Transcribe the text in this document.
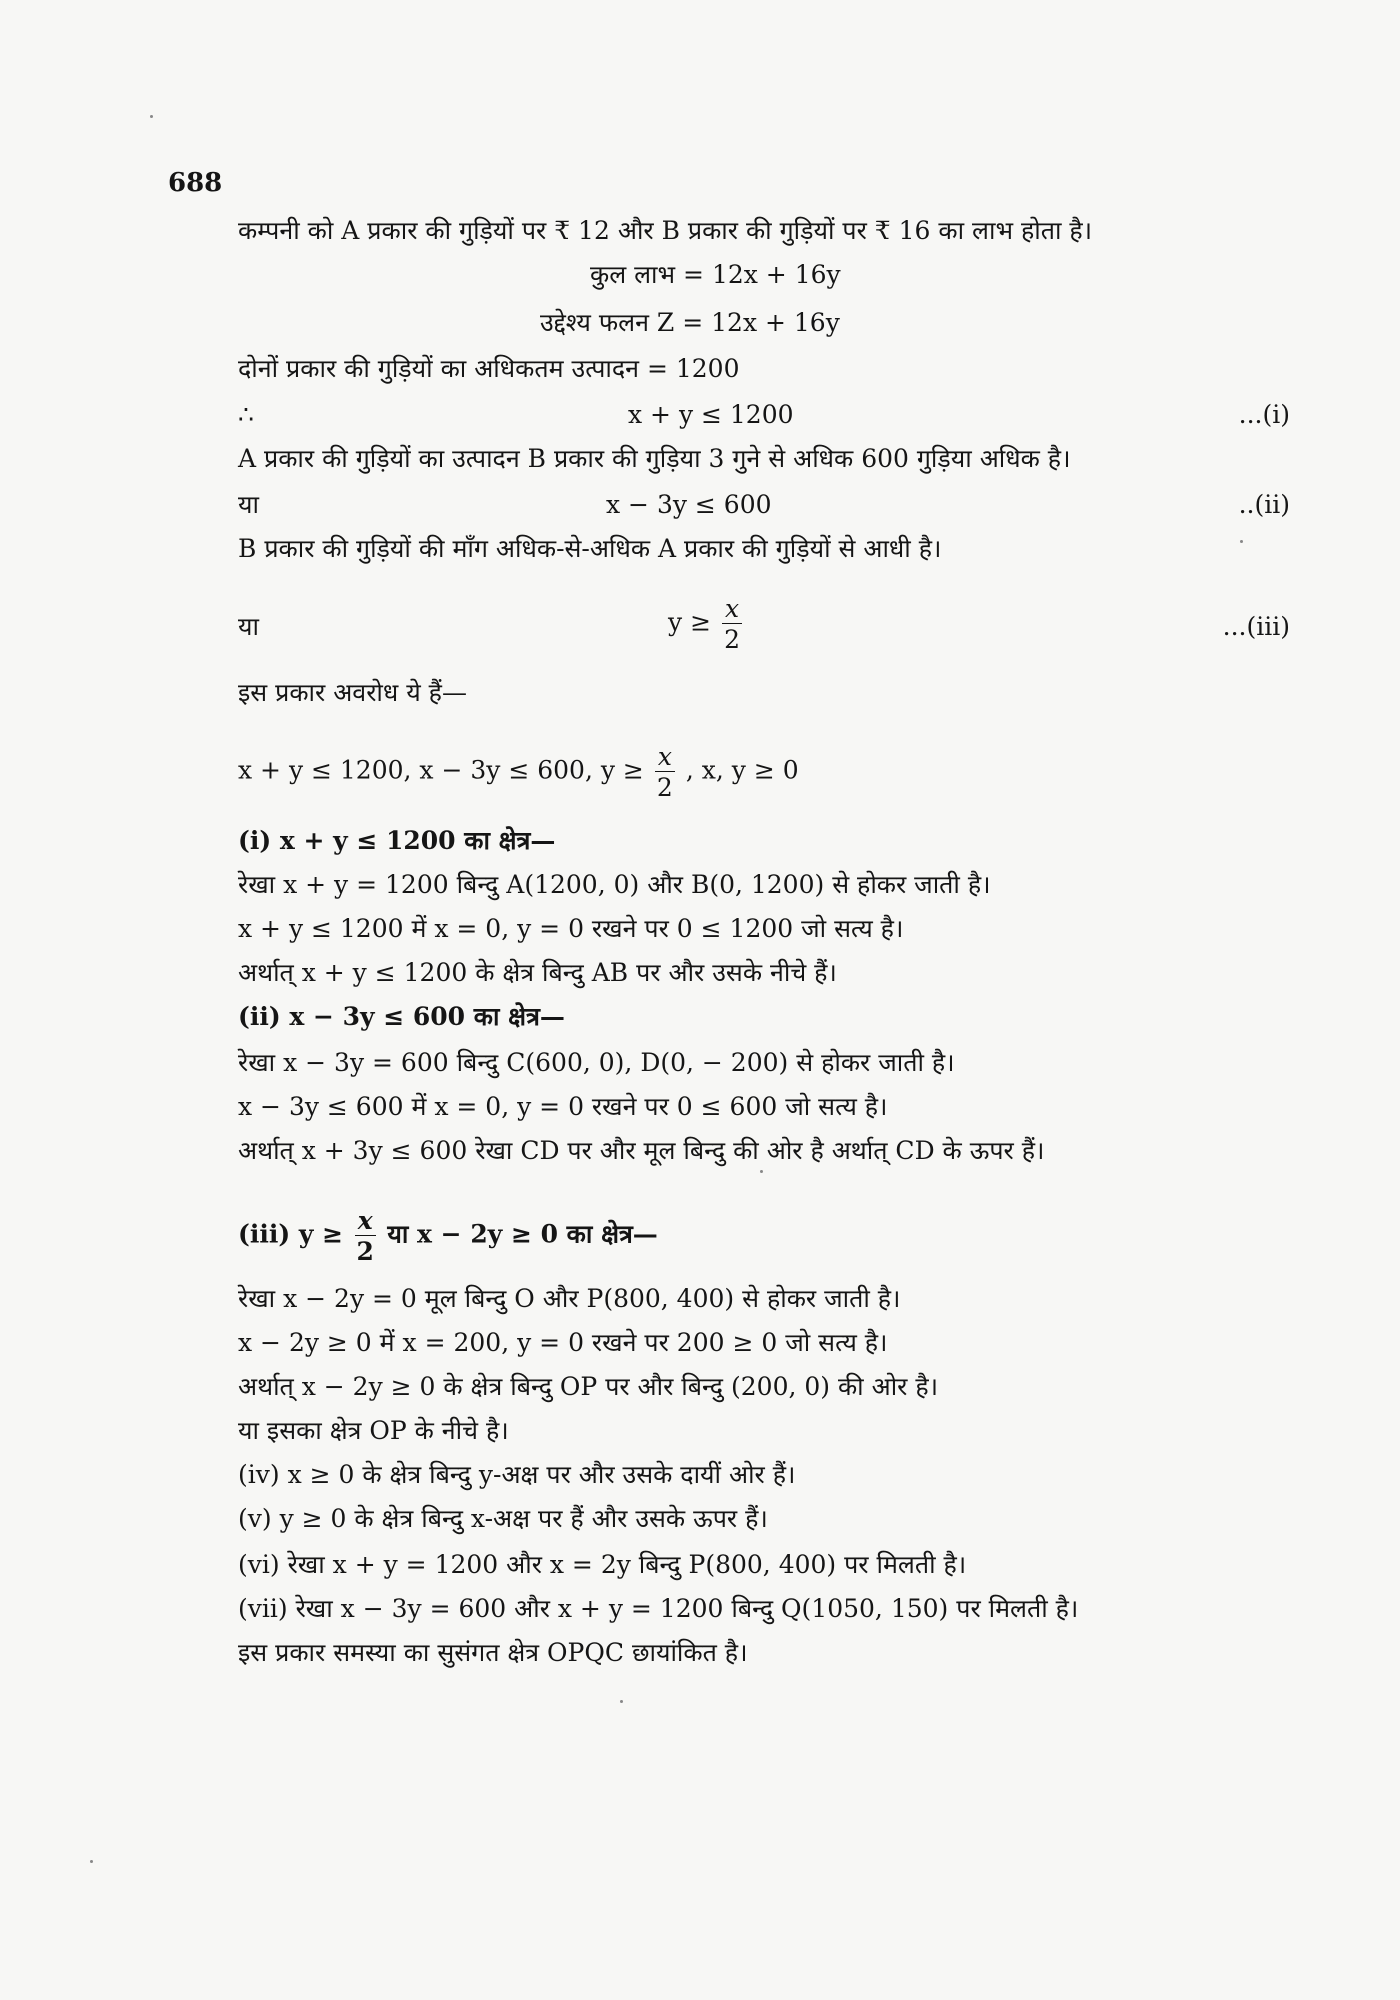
688
कम्पनी को A प्रकार की गुड़ियों पर ₹ 12 और B प्रकार की गुड़ियों पर ₹ 16 का लाभ होता है।
कुल लाभ = 12x + 16y
उद्देश्य फलन Z = 12x + 16y
दोनों प्रकार की गुड़ियों का अधिकतम उत्पादन = 1200
∴	x + y ≤ 1200	...(i)
A प्रकार की गुड़ियों का उत्पादन B प्रकार की गुड़िया 3 गुने से अधिक 600 गुड़िया अधिक है।
या	x − 3y ≤ 600	..(ii)
B प्रकार की गुड़ियों की माँग अधिक-से-अधिक A प्रकार की गुड़ियों से आधी है।
या	$y \ge \frac{x}{2}$	...(iii)
इस प्रकार अवरोध ये हैं—
x + y ≤ 1200, x − 3y ≤ 600, $y \ge \frac{x}{2}$ , x, y ≥ 0
(i) x + y ≤ 1200 का क्षेत्र—
रेखा x + y = 1200 बिन्दु A(1200, 0) और B(0, 1200) से होकर जाती है।
x + y ≤ 1200 में x = 0, y = 0 रखने पर 0 ≤ 1200 जो सत्य है।
अर्थात् x + y ≤ 1200 के क्षेत्र बिन्दु AB पर और उसके नीचे हैं।
(ii) x − 3y ≤ 600 का क्षेत्र—
रेखा x − 3y = 600 बिन्दु C(600, 0), D(0, − 200) से होकर जाती है।
x − 3y ≤ 600 में x = 0, y = 0 रखने पर 0 ≤ 600 जो सत्य है।
अर्थात् x + 3y ≤ 600 रेखा CD पर और मूल बिन्दु की ओर है अर्थात् CD के ऊपर हैं।
(iii) $y \ge \frac{x}{2}$ या x − 2y ≥ 0 का क्षेत्र—
रेखा x − 2y = 0 मूल बिन्दु O और P(800, 400) से होकर जाती है।
x − 2y ≥ 0 में x = 200, y = 0 रखने पर 200 ≥ 0 जो सत्य है।
अर्थात् x − 2y ≥ 0 के क्षेत्र बिन्दु OP पर और बिन्दु (200, 0) की ओर है।
या इसका क्षेत्र OP के नीचे है।
(iv) x ≥ 0 के क्षेत्र बिन्दु y-अक्ष पर और उसके दायीं ओर हैं।
(v) y ≥ 0 के क्षेत्र बिन्दु x-अक्ष पर हैं और उसके ऊपर हैं।
(vi) रेखा x + y = 1200 और x = 2y बिन्दु P(800, 400) पर मिलती है।
(vii) रेखा x − 3y = 600 और x + y = 1200 बिन्दु Q(1050, 150) पर मिलती है।
इस प्रकार समस्या का सुसंगत क्षेत्र OPQC छायांकित है।
